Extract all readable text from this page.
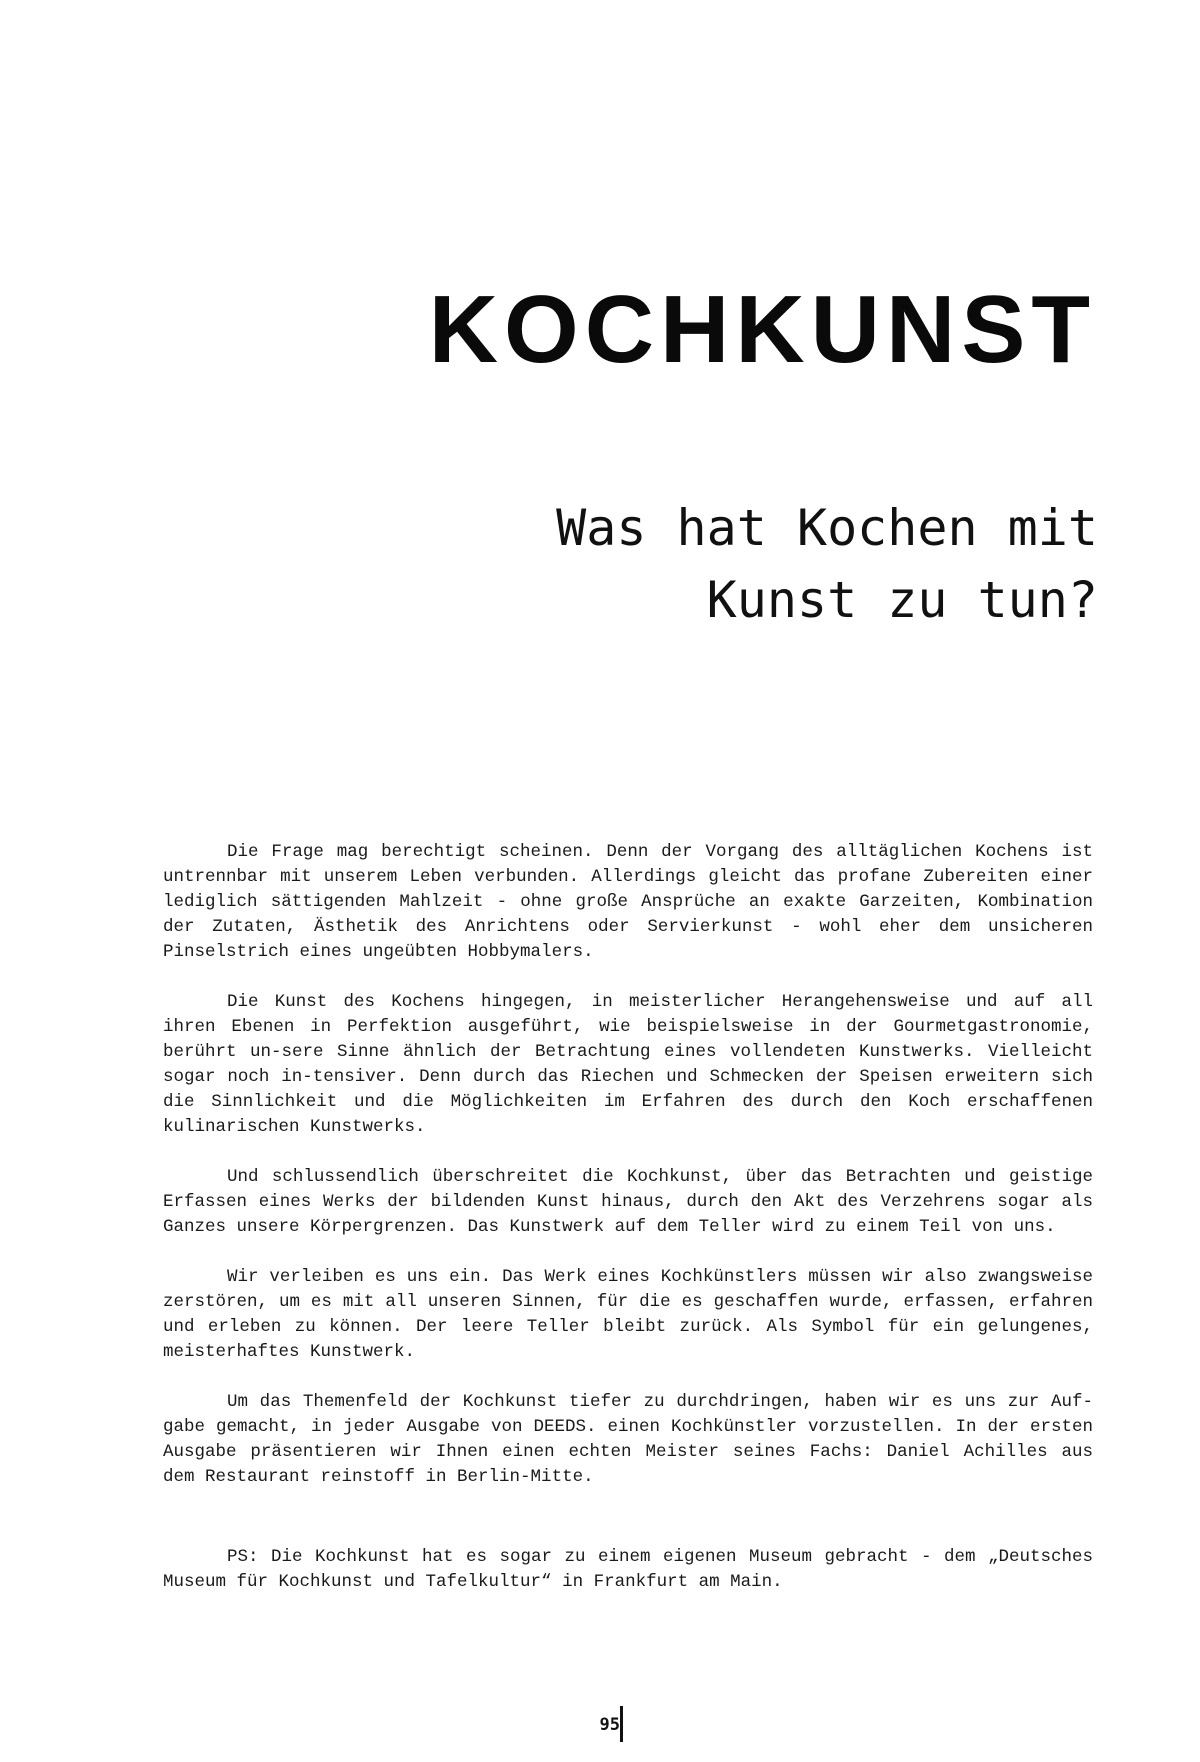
KOCHKUNST
Was hat Kochen mit
Kunst zu tun?

Die Frage mag berechtigt scheinen. Denn der Vorgang des alltäglichen Kochens ist untrennbar mit unserem Leben verbunden. Allerdings gleicht das profane Zubereiten einer lediglich sättigenden Mahlzeit - ohne große Ansprüche an exakte Garzeiten, Kombination der Zutaten, Ästhetik des Anrichtens oder Servierkunst - wohl eher dem unsicheren Pinselstrich eines ungeübten Hobbymalers.

Die Kunst des Kochens hingegen, in meisterlicher Herangehensweise und auf all ihren Ebenen in Perfektion ausgeführt, wie beispielsweise in der Gourmetgastronomie, berührt un-sere Sinne ähnlich der Betrachtung eines vollendeten Kunstwerks. Vielleicht sogar noch in-tensiver. Denn durch das Riechen und Schmecken der Speisen erweitern sich die Sinnlichkeit und die Möglichkeiten im Erfahren des durch den Koch erschaffenen kulinarischen Kunstwerks.

Und schlussendlich überschreitet die Kochkunst, über das Betrachten und geistige Erfassen eines Werks der bildenden Kunst hinaus, durch den Akt des Verzehrens sogar als Ganzes unsere Körpergrenzen. Das Kunstwerk auf dem Teller wird zu einem Teil von uns.

Wir verleiben es uns ein. Das Werk eines Kochkünstlers müssen wir also zwangsweise zerstören, um es mit all unseren Sinnen, für die es geschaffen wurde, erfassen, erfahren und erleben zu können. Der leere Teller bleibt zurück. Als Symbol für ein gelungenes, meisterhaftes Kunstwerk.

Um das Themenfeld der Kochkunst tiefer zu durchdringen, haben wir es uns zur Auf-gabe gemacht, in jeder Ausgabe von DEEDS. einen Kochkünstler vorzustellen. In der ersten Ausgabe präsentieren wir Ihnen einen echten Meister seines Fachs: Daniel Achilles aus dem Restaurant reinstoff in Berlin-Mitte.

PS: Die Kochkunst hat es sogar zu einem eigenen Museum gebracht - dem „Deutsches Museum für Kochkunst und Tafelkultur“ in Frankfurt am Main.

95
